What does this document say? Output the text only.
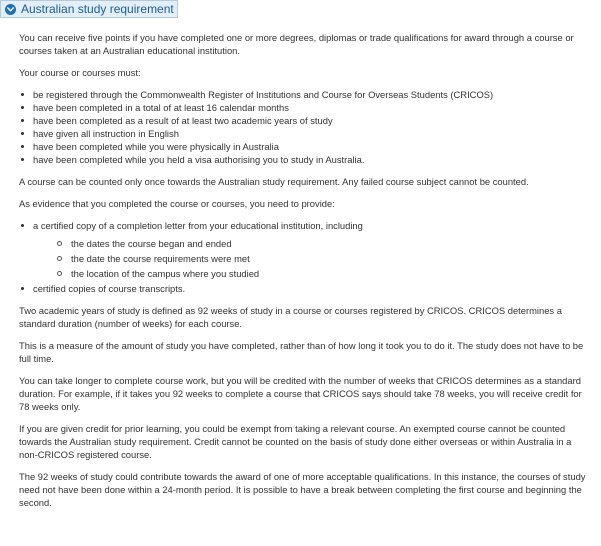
Australian study requirement

You can receive five points if you have completed one or more degrees, diplomas or trade qualifications for award through a course or courses taken at an Australian educational institution.

Your course or courses must:

be registered through the Commonwealth Register of Institutions and Course for Overseas Students (CRICOS)
have been completed in a total of at least 16 calendar months
have been completed as a result of at least two academic years of study
have given all instruction in English
have been completed while you were physically in Australia
have been completed while you held a visa authorising you to study in Australia.

A course can be counted only once towards the Australian study requirement. Any failed course subject cannot be counted.

As evidence that you completed the course or courses, you need to provide:

a certified copy of a completion letter from your educational institution, including
the dates the course began and ended
the date the course requirements were met
the location of the campus where you studied
certified copies of course transcripts.

Two academic years of study is defined as 92 weeks of study in a course or courses registered by CRICOS. CRICOS determines a standard duration (number of weeks) for each course.

This is a measure of the amount of study you have completed, rather than of how long it took you to do it. The study does not have to be full time.

You can take longer to complete course work, but you will be credited with the number of weeks that CRICOS determines as a standard duration. For example, if it takes you 92 weeks to complete a course that CRICOS says should take 78 weeks, you will receive credit for 78 weeks only.

If you are given credit for prior learning, you could be exempt from taking a relevant course. An exempted course cannot be counted towards the Australian study requirement. Credit cannot be counted on the basis of study done either overseas or within Australia in a non-CRICOS registered course.

The 92 weeks of study could contribute towards the award of one of more acceptable qualifications. In this instance, the courses of study need not have been done within a 24-month period. It is possible to have a break between completing the first course and beginning the second.
